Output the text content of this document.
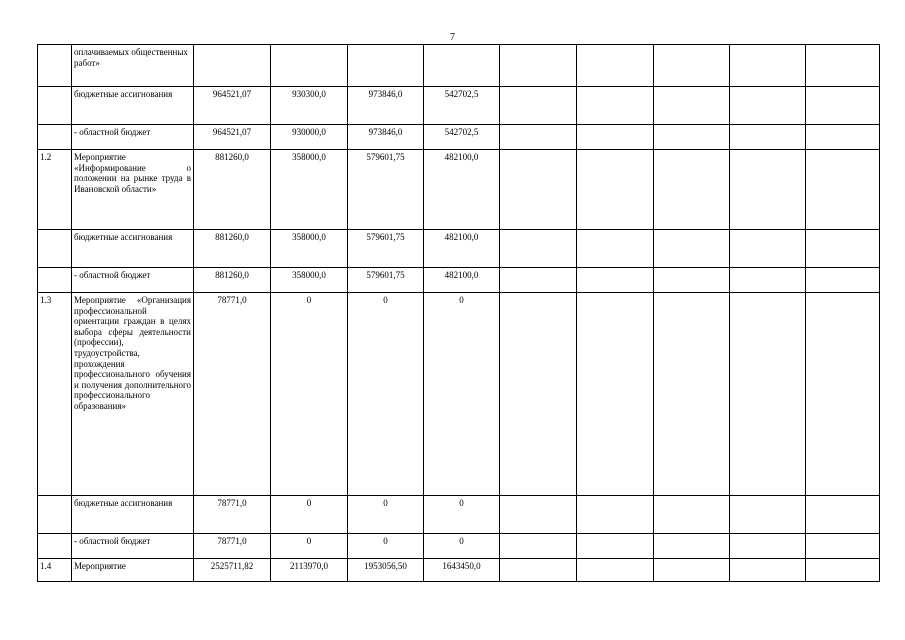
7
	оплачиваемых общественных работ»									
	бюджетные ассигнования	964521,07	930300,0	973846,0	542702,5					
	- областной бюджет	964521,07	930000,0	973846,0	542702,5					
1.2	Мероприятие «Информирование о положении на рынке труда в Ивановской области»	881260,0	358000,0	579601,75	482100,0					
	бюджетные ассигнования	881260,0	358000,0	579601,75	482100,0					
	- областной бюджет	881260,0	358000,0	579601,75	482100,0					
1.3	Мероприятие «Организация профессиональной ориентации граждан в целях выбора сферы деятельности (профессии), трудоустройства, прохождения профессионального обучения и получения дополнительного профессионального образования»	78771,0	0	0	0					
	бюджетные ассигнования	78771,0	0	0	0					
	- областной бюджет	78771,0	0	0	0					
1.4	Мероприятие	2525711,82	2113970,0	1953056,50	1643450,0					
